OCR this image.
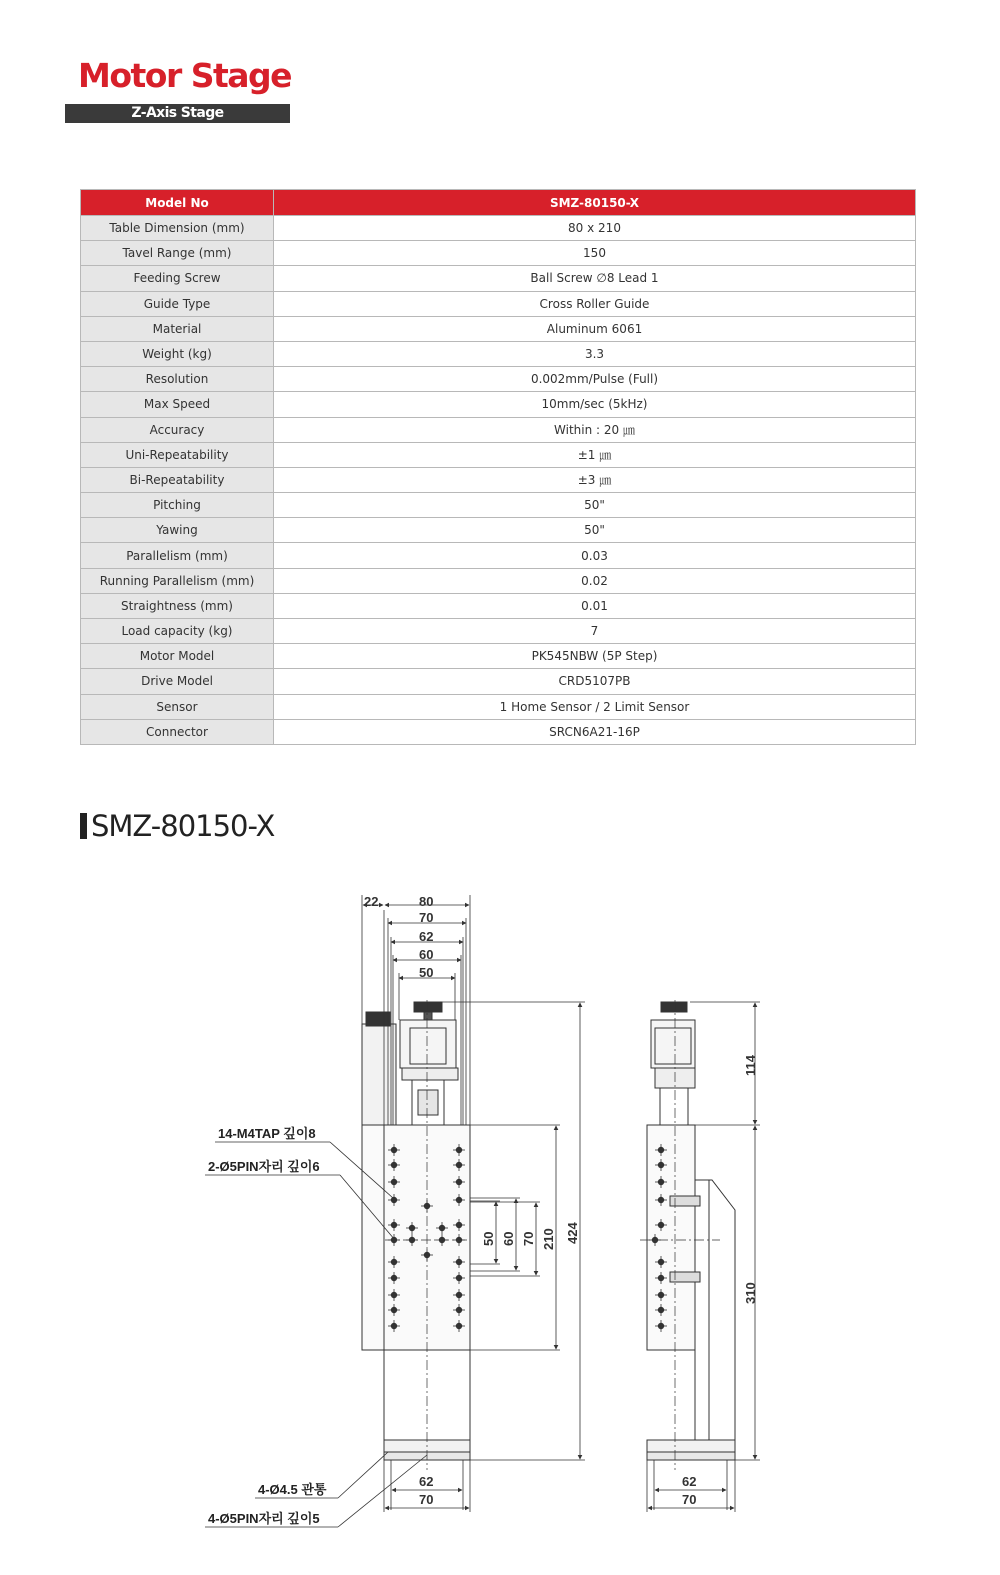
Motor Stage
Z-Axis Stage
Model No	SMZ-80150-X
Table Dimension (mm)	80 x 210
Tavel Range (mm)	150
Feeding Screw	Ball Screw ∅8 Lead 1
Guide Type	Cross Roller Guide
Material	Aluminum 6061
Weight (kg)	3.3
Resolution	0.002mm/Pulse (Full)
Max Speed	10mm/sec (5kHz)
Accuracy	Within : 20 ㎛
Uni-Repeatability	±1 ㎛
Bi-Repeatability	±3 ㎛
Pitching	50"
Yawing	50"
Parallelism (mm)	0.03
Running Parallelism (mm)	0.02
Straightness (mm)	0.01
Load capacity (kg)	7
Motor Model	PK545NBW (5P Step)
Drive Model	CRD5107PB
Sensor	1 Home Sensor / 2 Limit Sensor
Connector	SRCN6A21-16P
SMZ-80150-X
22	80
70
62
60
50
50 60 70 210 424
62
70
14-M4TAP 깊이8
2-Ø5PIN자리 깊이6
4-Ø4.5 관통
4-Ø5PIN자리 깊이5
114
310
62
70
